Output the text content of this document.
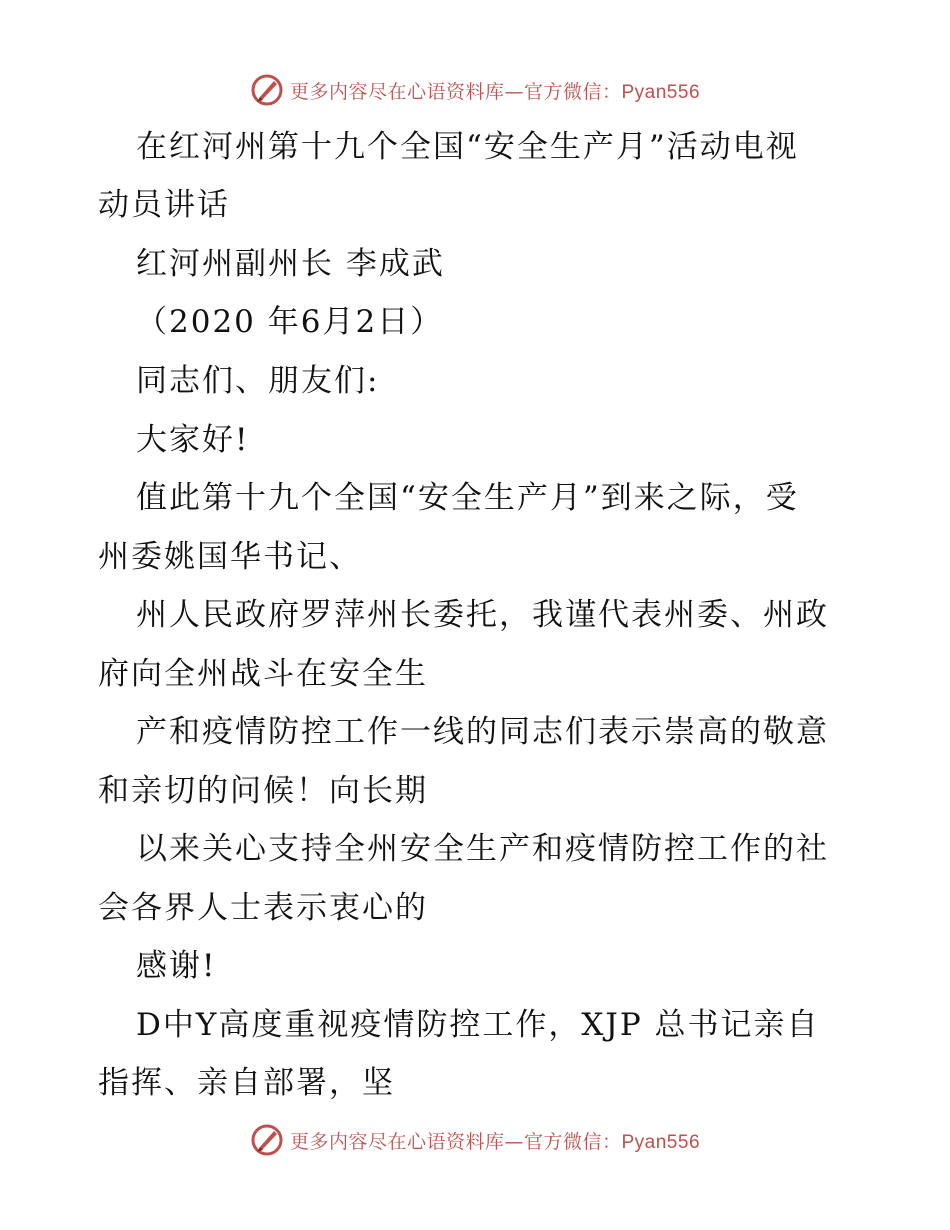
更多内容尽在心语资料库—官方微信：Pyan556
在红河州第十九个全国“安全生产月”活动电视
动员讲话
红河州副州长 李成武
（2020 年6月2日）
同志们、朋友们:
大家好!
值此第十九个全国“安全生产月”到来之际，受
州委姚国华书记、
州人民政府罗萍州长委托，我谨代表州委、州政
府向全州战斗在安全生
产和疫情防控工作一线的同志们表示崇高的敬意
和亲切的问候！向长期
以来关心支持全州安全生产和疫情防控工作的社
会各界人士表示衷心的
感谢!
D中Y高度重视疫情防控工作，XJP 总书记亲自
指挥、亲自部署，坚
更多内容尽在心语资料库—官方微信：Pyan556
